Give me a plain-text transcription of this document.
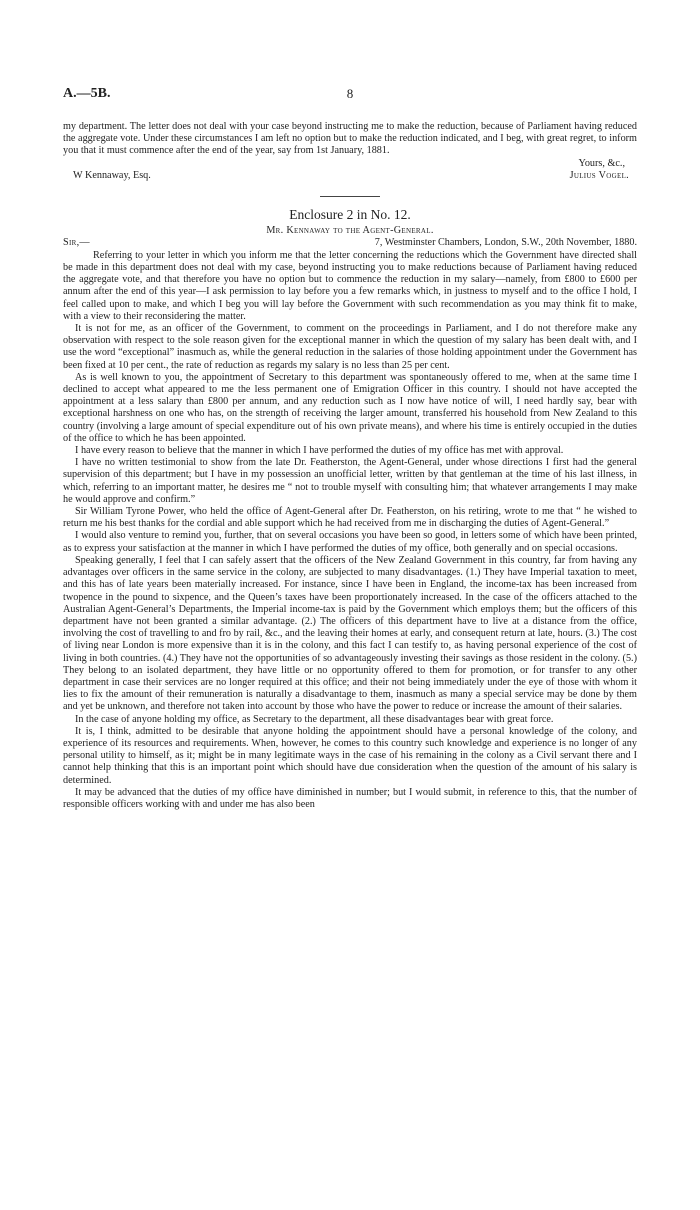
A.—5B.	8

my department. The letter does not deal with your case beyond instructing me to make the reduction, because of Parliament having reduced the aggregate vote. Under these circumstances I am left no option but to make the reduction indicated, and I beg, with great regret, to inform you that it must commence after the end of the year, say from 1st January, 1881.

Yours, &c.,
W Kennaway, Esq.	Julius Vogel.
Enclosure 2 in No. 12.
Mr. Kennaway to the Agent-General.
Sir,—	7, Westminster Chambers, London, S.W., 20th November, 1880.

Referring to your letter in which you inform me that the letter concerning the reductions which the Government have directed shall be made in this department does not deal with my case, beyond instructing you to make reductions because of Parliament having reduced the aggregate vote, and that therefore you have no option but to commence the reduction in my salary—namely, from £800 to £600 per annum after the end of this year—I ask permission to lay before you a few remarks which, in justness to myself and to the office I hold, I feel called upon to make, and which I beg you will lay before the Government with such recommendation as you may think fit to make, with a view to their reconsidering the matter.

It is not for me, as an officer of the Government, to comment on the proceedings in Parliament, and I do not therefore make any observation with respect to the sole reason given for the exceptional manner in which the question of my salary has been dealt with, and I use the word “exceptional” inasmuch as, while the general reduction in the salaries of those holding appointment under the Government has been fixed at 10 per cent., the rate of reduction as regards my salary is no less than 25 per cent.

As is well known to you, the appointment of Secretary to this department was spontaneously offered to me, when at the same time I declined to accept what appeared to me the less permanent one of Emigration Officer in this country. I should not have accepted the appointment at a less salary than £800 per annum, and any reduction such as I now have notice of will, I need hardly say, bear with exceptional harshness on one who has, on the strength of receiving the larger amount, transferred his household from New Zealand to this country (involving a large amount of special expenditure out of his own private means), and where his time is entirely occupied in the duties of the office to which he has been appointed.

I have every reason to believe that the manner in which I have performed the duties of my office has met with approval.

I have no written testimonial to show from the late Dr. Featherston, the Agent-General, under whose directions I first had the general supervision of this department; but I have in my possession an unofficial letter, written by that gentleman at the time of his last illness, in which, referring to an important matter, he desires me “ not to trouble myself with consulting him; that whatever arrangements I may make he would approve and confirm.”

Sir William Tyrone Power, who held the office of Agent-General after Dr. Featherston, on his retiring, wrote to me that “ he wished to return me his best thanks for the cordial and able support which he had received from me in discharging the duties of Agent-General.”

I would also venture to remind you, further, that on several occasions you have been so good, in letters some of which have been printed, as to express your satisfaction at the manner in which I have performed the duties of my office, both generally and on special occasions.

Speaking generally, I feel that I can safely assert that the officers of the New Zealand Government in this country, far from having any advantages over officers in the same service in the colony, are subjected to many disadvantages. (1.) They have Imperial taxation to meet, and this has of late years been materially increased. For instance, since I have been in England, the income-tax has been increased from twopence in the pound to sixpence, and the Queen’s taxes have been proportionately increased. In the case of the officers attached to the Australian Agent-General’s Departments, the Imperial income-tax is paid by the Government which employs them; but the officers of this department have not been granted a similar advantage. (2.) The officers of this department have to live at a distance from the office, involving the cost of travelling to and fro by rail, &c., and the leaving their homes at early, and consequent return at late, hours. (3.) The cost of living near London is more expensive than it is in the colony, and this fact I can testify to, as having personal experience of the cost of living in both countries. (4.) They have not the opportunities of so advantageously investing their savings as those resident in the colony. (5.) They belong to an isolated department, they have little or no opportunity offered to them for promotion, or for transfer to any other department in case their services are no longer required at this office; and their not being immediately under the eye of those with whom it lies to fix the amount of their remuneration is naturally a disadvantage to them, inasmuch as many a special service may be done by them and yet be unknown, and therefore not taken into account by those who have the power to reduce or increase the amount of their salaries.

In the case of anyone holding my office, as Secretary to the department, all these disadvantages bear with great force.

It is, I think, admitted to be desirable that anyone holding the appointment should have a personal knowledge of the colony, and experience of its resources and requirements. When, however, he comes to this country such knowledge and experience is no longer of any personal utility to himself, as it; might be in many legitimate ways in the case of his remaining in the colony as a Civil servant there and I cannot help thinking that this is an important point which should have due consideration when the question of the amount of his salary is determined.

It may be advanced that the duties of my office have diminished in number; but I would submit, in reference to this, that the number of responsible officers working with and under me has also been
